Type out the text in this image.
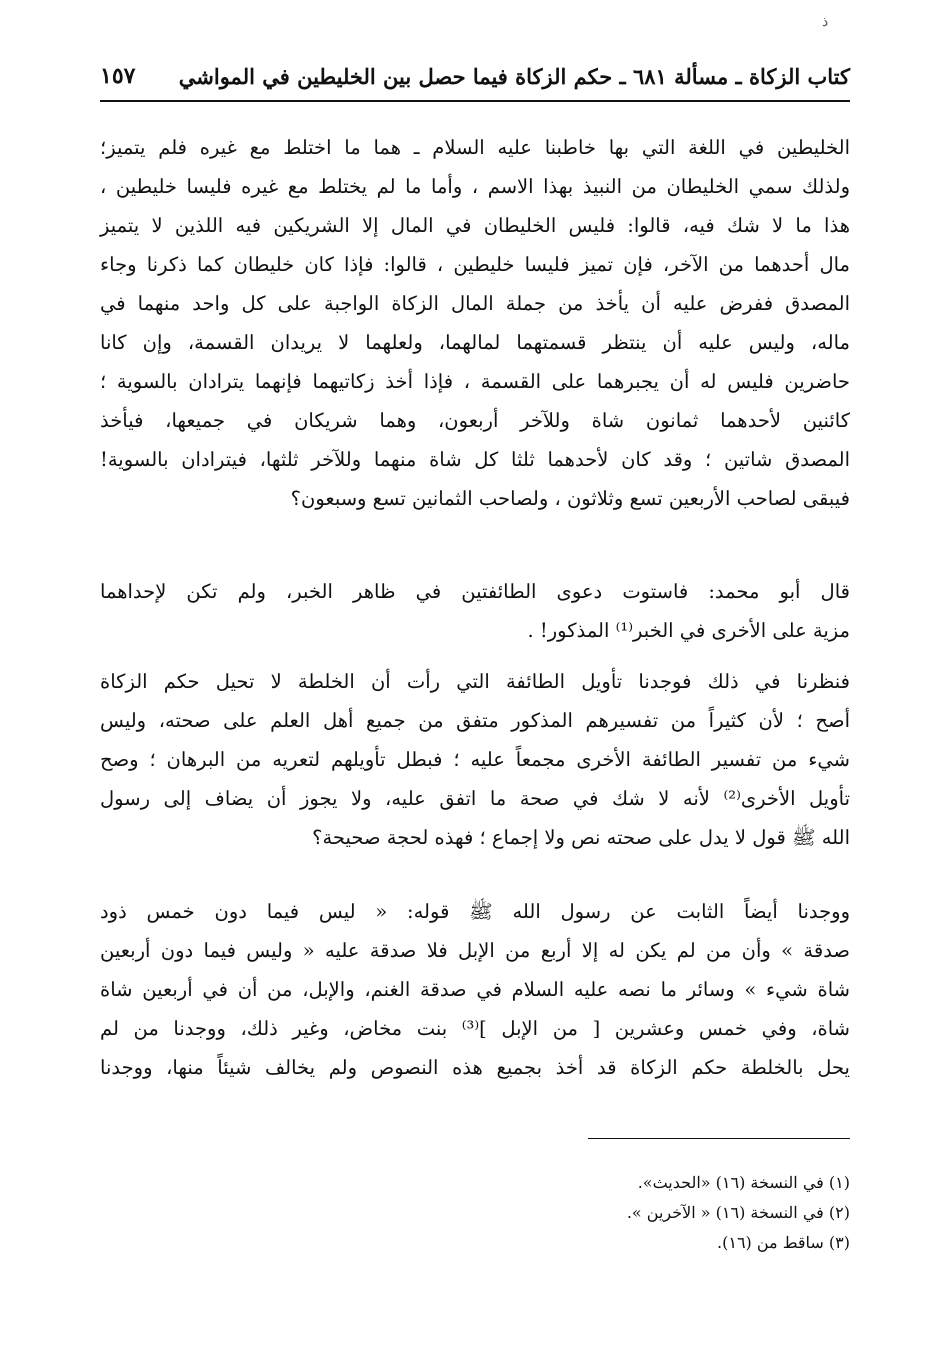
ذ
كتاب الزكاة ـ مسألة ٦٨١ ـ حكم الزكاة فيما حصل بين الخليطين في المواشي
١٥٧
الخليطين في اللغة التي بها خاطبنا عليه السلام ـ هما ما اختلط مع غيره فلم يتميز؛
ولذلك سمي الخليطان من النبيذ بهذا الاسم ، وأما ما لم يختلط مع غيره فليسا خليطين ،
هذا ما لا شك فيه، قالوا: فليس الخليطان في المال إلا الشريكين فيه اللذين لا يتميز
مال أحدهما من الآخر، فإن تميز فليسا خليطين ، قالوا: فإذا كان خليطان كما ذكرنا وجاء
المصدق ففرض عليه أن يأخذ من جملة المال الزكاة الواجبة على كل واحد منهما في
ماله، وليس عليه أن ينتظر قسمتهما لمالهما، ولعلهما لا يريدان القسمة، وإن كانا
حاضرين فليس له أن يجبرهما على القسمة ، فإذا أخذ زكاتيهما فإنهما يترادان بالسوية ؛
كائنين لأحدهما ثمانون شاة وللآخر أربعون، وهما شريكان في جميعها، فيأخذ
المصدق شاتين ؛ وقد كان لأحدهما ثلثا كل شاة منهما وللآخر ثلثها، فيترادان بالسوية!
فيبقى لصاحب الأربعين تسع وثلاثون ، ولصاحب الثمانين تسع وسبعون؟
قال أبو محمد: فاستوت دعوى الطائفتين في ظاهر الخبر، ولم تكن لإحداهما
مزية على الأخرى في الخبر⁽¹⁾ المذكور! .
فنظرنا في ذلك فوجدنا تأويل الطائفة التي رأت أن الخلطة لا تحيل حكم الزكاة
أصح ؛ لأن كثيراً من تفسيرهم المذكور متفق من جميع أهل العلم على صحته، وليس
شيء من تفسير الطائفة الأخرى مجمعاً عليه ؛ فبطل تأويلهم لتعريه من البرهان ؛ وصح
تأويل الأخرى⁽²⁾ لأنه لا شك في صحة ما اتفق عليه، ولا يجوز أن يضاف إلى رسول
الله ﷺ قول لا يدل على صحته نص ولا إجماع ؛ فهذه لحجة صحيحة؟
ووجدنا أيضاً الثابت عن رسول الله ﷺ قوله: « ليس فيما دون خمس ذود
صدقة » وأن من لم يكن له إلا أربع من الإبل فلا صدقة عليه « وليس فيما دون أربعين
شاة شيء » وسائر ما نصه عليه السلام في صدقة الغنم، والإبل، من أن في أربعين شاة
شاة، وفي خمس وعشرين [ من الإبل ]⁽³⁾ بنت مخاض، وغير ذلك، ووجدنا من لم
يحل بالخلطة حكم الزكاة قد أخذ بجميع هذه النصوص ولم يخالف شيئاً منها، ووجدنا
(١) في النسخة (١٦) «الحديث».
(٢) في النسخة (١٦) « الآخرين ».
(٣) ساقط من (١٦).
